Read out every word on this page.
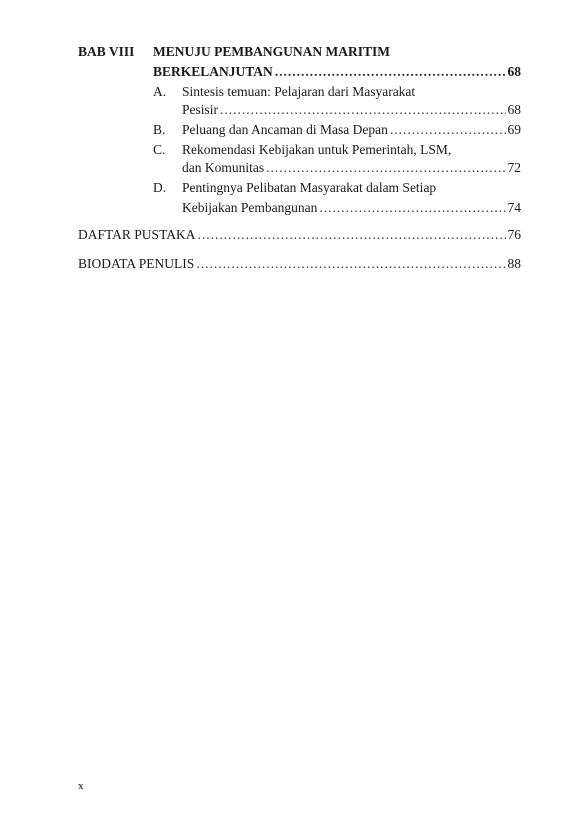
BAB VIII MENUJU PEMBANGUNAN MARITIM
BERKELANJUTAN .....	68
A. Sintesis temuan: Pelajaran dari Masyarakat
Pesisir .....	68
B. Peluang dan Ancaman di Masa Depan .....	69
C. Rekomendasi Kebijakan untuk Pemerintah, LSM,
dan Komunitas .....	72
D. Pentingnya Pelibatan Masyarakat dalam Setiap
Kebijakan Pembangunan .....	74
DAFTAR PUSTAKA .....	76
BIODATA PENULIS .....	88
x
